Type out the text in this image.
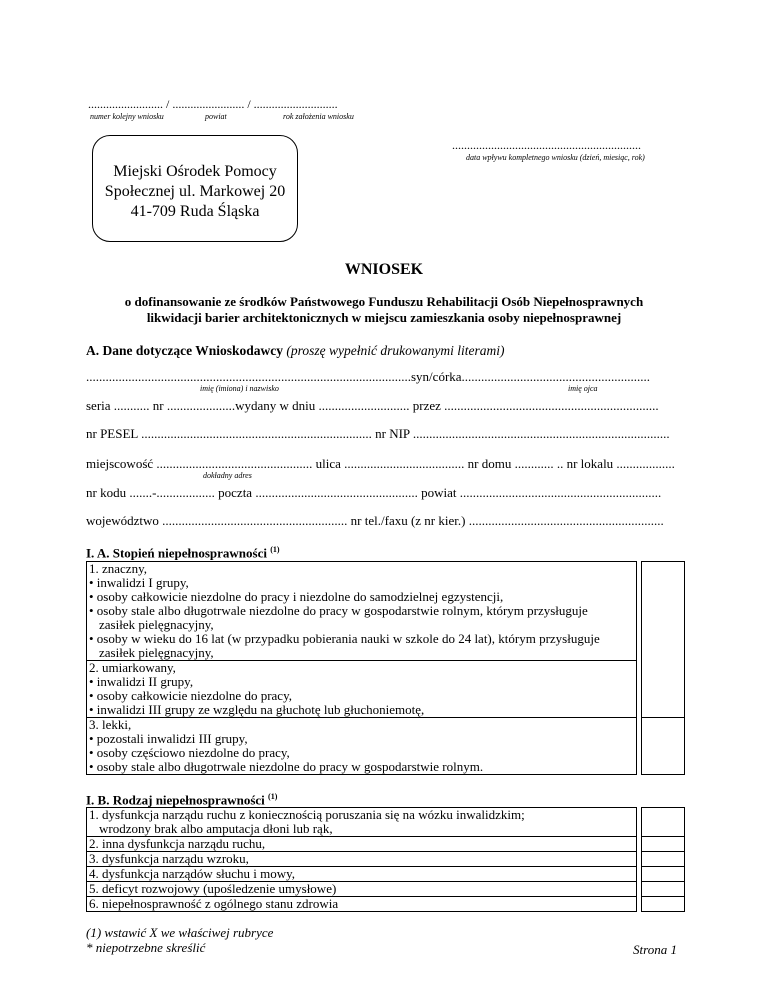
......................... / ........................ / ............................
numer kolejny wniosku	powiat	rok założenia wniosku
...............................................................
data wpływu kompletnego wniosku (dzień, miesiąc, rok)
Miejski Ośrodek Pomocy
Społecznej ul. Markowej 20
41-709 Ruda Śląska
WNIOSEK
o dofinansowanie ze środków Państwowego Funduszu Rehabilitacji Osób Niepełnosprawnych
likwidacji barier architektonicznych w miejscu zamieszkania osoby niepełnosprawnej
A. Dane dotyczące Wnioskodawcy (proszę wypełnić drukowanymi literami)
....................................................................................................syn/córka..........................................................
imię (imiona) i nazwisko	imię ojca
seria ........... nr .....................wydany w dniu ............................ przez ..................................................................
nr PESEL ....................................................................... nr NIP ...............................................................................
miejscowość ................................................ ulica ..................................... nr domu ............ .. nr lokalu ..................
dokładny adres
nr kodu .......-.................. poczta .................................................. powiat ..............................................................
województwo ......................................................... nr tel./faxu (z nr kier.) ............................................................
I. A. Stopień niepełnosprawności $^{(1)}$
1. znaczny,		
• inwalidzi I grupy,		
• osoby całkowicie niezdolne do pracy i niezdolne do samodzielnej egzystencji,		
• osoby stale albo długotrwale niezdolne do pracy w gospodarstwie rolnym, którym przysługuje		
zasiłek pielęgnacyjny,		
• osoby w wieku do 16 lat (w przypadku pobierania nauki w szkole do 24 lat), którym przysługuje		
zasiłek pielęgnacyjny,		
2. umiarkowany,		
• inwalidzi II grupy,		
• osoby całkowicie niezdolne do pracy,		
• inwalidzi III grupy ze względu na głuchotę lub głuchoniemotę,		
3. lekki,		
• pozostali inwalidzi III grupy,		
• osoby częściowo niezdolne do pracy,		
• osoby stale albo długotrwale niezdolne do pracy w gospodarstwie rolnym.		
I. B. Rodzaj niepełnosprawności $^{(1)}$
1. dysfunkcja narządu ruchu z koniecznością poruszania się na wózku inwalidzkim;		
wrodzony brak albo amputacja dłoni lub rąk,		
2. inna dysfunkcja narządu ruchu,		
3. dysfunkcja narządu wzroku,		
4. dysfunkcja narządów słuchu i mowy,		
5. deficyt rozwojowy (upośledzenie umysłowe)		
6. niepełnosprawność z ogólnego stanu zdrowia		
(1) wstawić X we właściwej rubryce
* niepotrzebne skreślić	Strona 1
